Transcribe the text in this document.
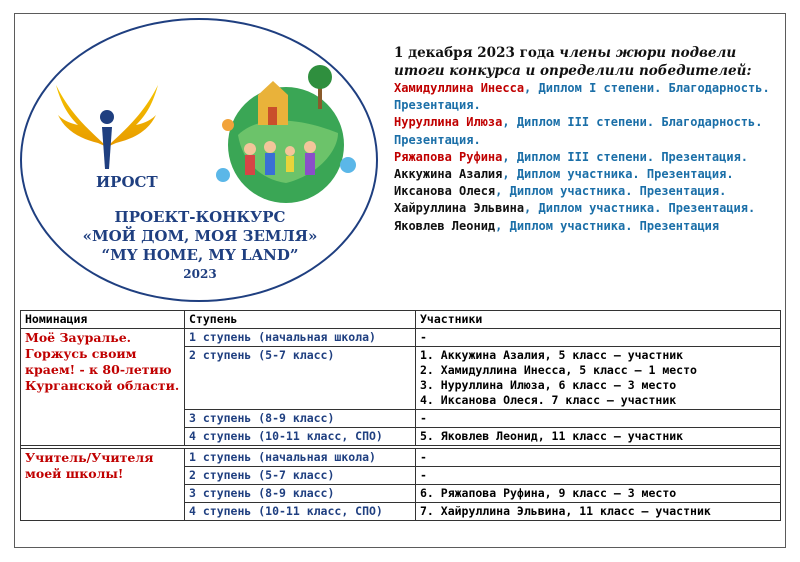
ИРОСТ
ПРОЕКТ-КОНКУРС
«МОЙ ДОМ, МОЯ ЗЕМЛЯ»
“MY HOME, MY LAND”
2023
1 декабря 2023 года члены жюри подвели итоги конкурса и определили победителей:
Хамидуллина Инесса, Диплом I степени. Благодарность. Презентация.
Нуруллина Илюза, Диплом III степени. Благодарность. Презентация.
Ряжапова Руфина, Диплом III степени. Презентация.
Аккужина Азалия, Диплом участника. Презентация.
Иксанова Олеся, Диплом участника. Презентация.
Хайруллина Эльвина, Диплом участника. Презентация.
Яковлев Леонид, Диплом участника. Презентация
Номинация	Ступень	Участники
Моё Зауралье. Горжусь своим краем! - к 80-летию Курганской области.	1 ступень (начальная школа)	-

	2 ступень (5-7 класс)	1. Аккужина Азалия, 5 класс – участник
2. Хамидуллина Инесса, 5 класс – 1 место
3. Нуруллина Илюза, 6 класс – 3 место
4. Иксанова Олеся. 7 класс – участник

	3 ступень (8-9 класс)	-

	4 ступень (10-11 класс, СПО)	5. Яковлев Леонид, 11 класс – участник

Учитель/Учителя моей школы!	1 ступень (начальная школа)	-

	2 ступень (5-7 класс)	-

	3 ступень (8-9 класс)	6. Ряжапова Руфина, 9 класс – 3 место

	4 ступень (10-11 класс, СПО)	7. Хайруллина Эльвина, 11 класс – участник
